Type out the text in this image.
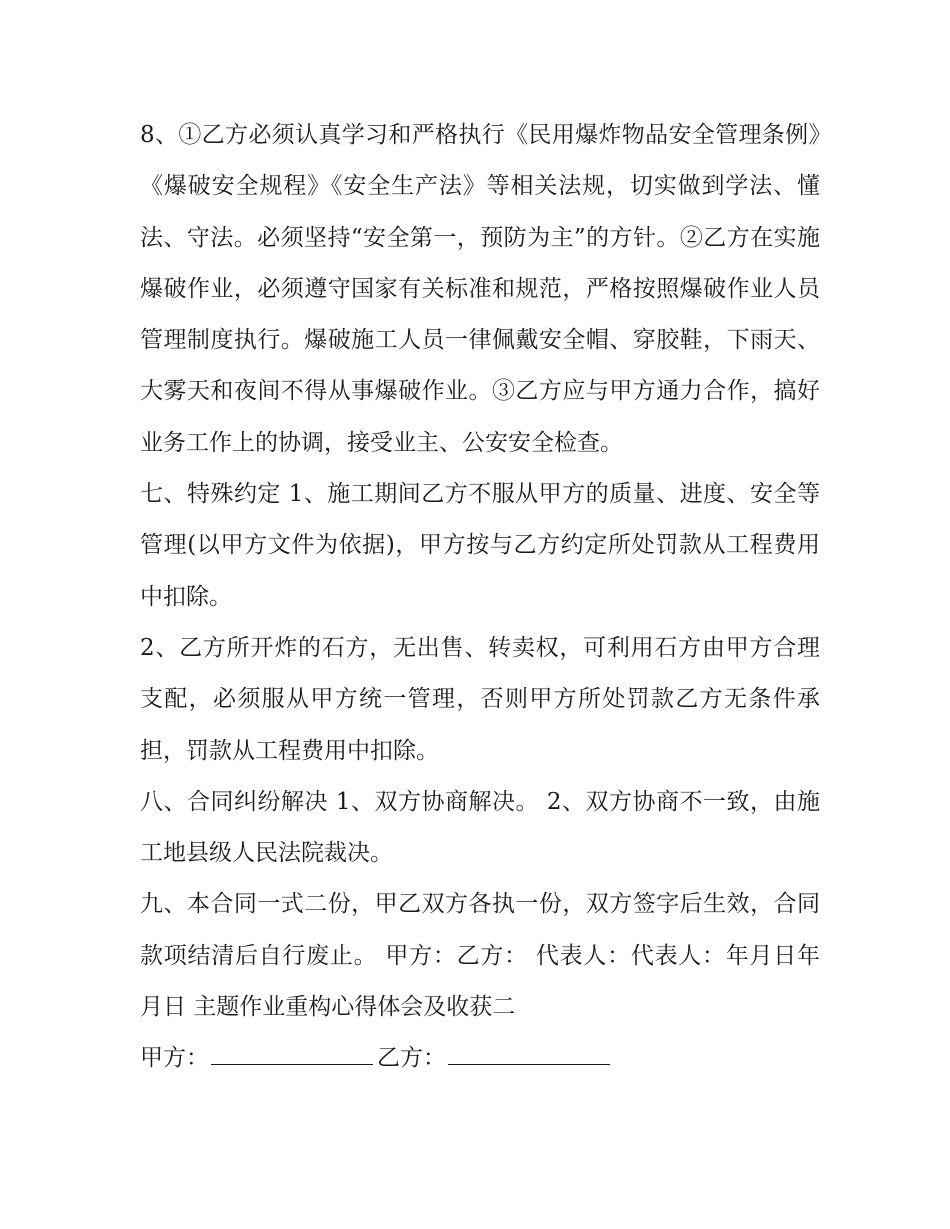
8、①乙方必须认真学习和严格执行《民用爆炸物品安全管理条例》《爆破安全规程》《安全生产法》等相关法规，切实做到学法、懂法、守法。必须坚持“安全第一，预防为主”的方针。②乙方在实施爆破作业，必须遵守国家有关标准和规范，严格按照爆破作业人员管理制度执行。爆破施工人员一律佩戴安全帽、穿胶鞋，下雨天、大雾天和夜间不得从事爆破作业。③乙方应与甲方通力合作，搞好业务工作上的协调，接受业主、公安安全检查。

七、特殊约定 1、施工期间乙方不服从甲方的质量、进度、安全等管理(以甲方文件为依据)，甲方按与乙方约定所处罚款从工程费用中扣除。

2、乙方所开炸的石方，无出售、转卖权，可利用石方由甲方合理支配，必须服从甲方统一管理，否则甲方所处罚款乙方无条件承担，罚款从工程费用中扣除。

八、合同纠纷解决 1、双方协商解决。 2、双方协商不一致，由施工地县级人民法院裁决。

九、本合同一式二份，甲乙双方各执一份，双方签字后生效，合同款项结清后自行废止。 甲方：乙方： 代表人：代表人：年月日年月日 主题作业重构心得体会及收获二

甲方：	乙方：
